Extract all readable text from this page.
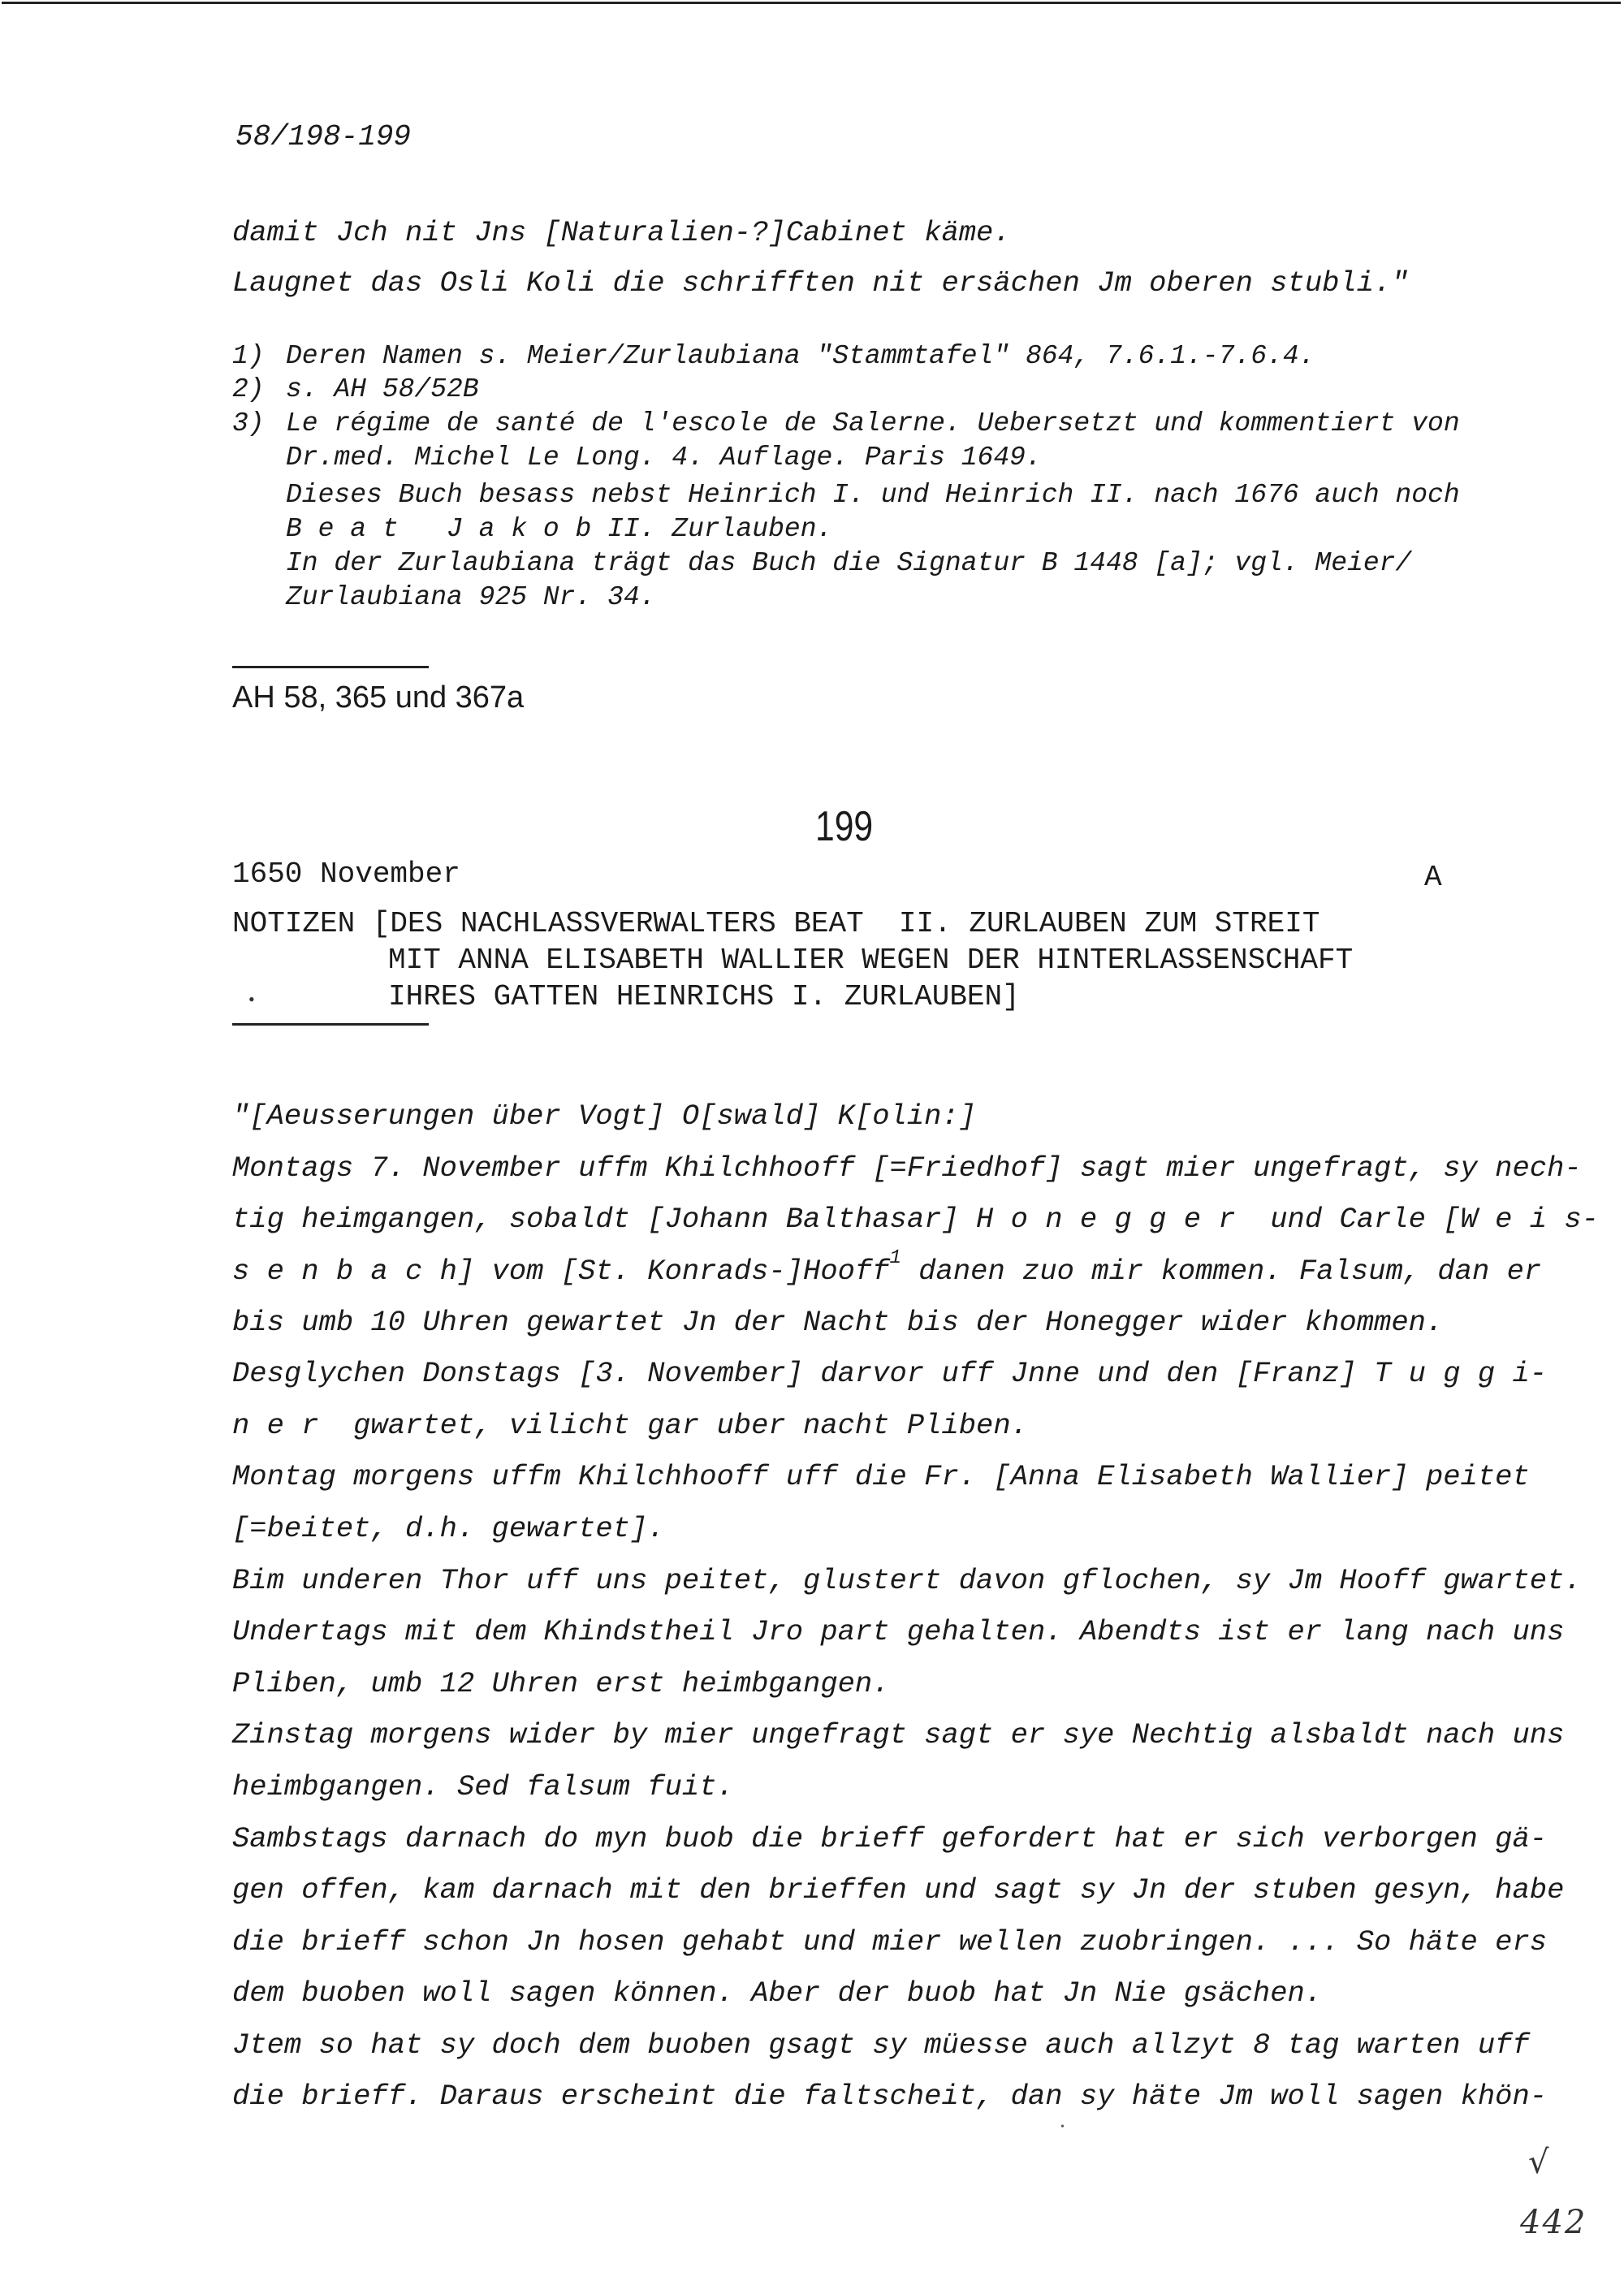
58/198-199
damit Jch nit Jns [Naturalien-?]Cabinet käme.
Laugnet das Osli Koli die schrifften nit ersächen Jm oberen stubli."
1) Deren Namen s. Meier/Zurlaubiana "Stammtafel" 864, 7.6.1.-7.6.4.
2) s. AH 58/52B
3) Le régime de santé de l'escole de Salerne. Uebersetzt und kommentiert von
Dr.med. Michel Le Long. 4. Auflage. Paris 1649.
Dieses Buch besass nebst Heinrich I. und Heinrich II. nach 1676 auch noch
B e a t   J a k o b II. Zurlauben.
In der Zurlaubiana trägt das Buch die Signatur B 1448 [a]; vgl. Meier/
Zurlaubiana 925 Nr. 34.
AH 58, 365 und 367a
199
1650 November	A
NOTIZEN [DES NACHLASSVERWALTERS BEAT  II. ZURLAUBEN ZUM STREIT
MIT ANNA ELISABETH WALLIER WEGEN DER HINTERLASSENSCHAFT
IHRES GATTEN HEINRICHS I. ZURLAUBEN]
•
"[Aeusserungen über Vogt] O[swald] K[olin:]
Montags 7. November uffm Khilchhooff [=Friedhof] sagt mier ungefragt, sy nech-
tig heimgangen, sobaldt [Johann Balthasar] H o n e g g e r  und Carle [W e i s-
s e n b a c h] vom [St. Konrads-]Hooff$^1$ danen zuo mir kommen. Falsum, dan er
bis umb 10 Uhren gewartet Jn der Nacht bis der Honegger wider khommen.
Desglychen Donstags [3. November] darvor uff Jnne und den [Franz] T u g g i-
n e r  gwartet, vilicht gar uber nacht Pliben.
Montag morgens uffm Khilchhooff uff die Fr. [Anna Elisabeth Wallier] peitet
[=beitet, d.h. gewartet].
Bim underen Thor uff uns peitet, glustert davon gflochen, sy Jm Hooff gwartet.
Undertags mit dem Khindstheil Jro part gehalten. Abendts ist er lang nach uns
Pliben, umb 12 Uhren erst heimbgangen.
Zinstag morgens wider by mier ungefragt sagt er sye Nechtig alsbaldt nach uns
heimbgangen. Sed falsum fuit.
Sambstags darnach do myn buob die brieff gefordert hat er sich verborgen gä-
gen offen, kam darnach mit den brieffen und sagt sy Jn der stuben gesyn, habe
die brieff schon Jn hosen gehabt und mier wellen zuobringen. ... So häte ers
dem buoben woll sagen können. Aber der buob hat Jn Nie gsächen.
Jtem so hat sy doch dem buoben gsagt sy müesse auch allzyt 8 tag warten uff
die brieff. Daraus erscheint die faltscheit, dan sy häte Jm woll sagen khön-
•
√
442
